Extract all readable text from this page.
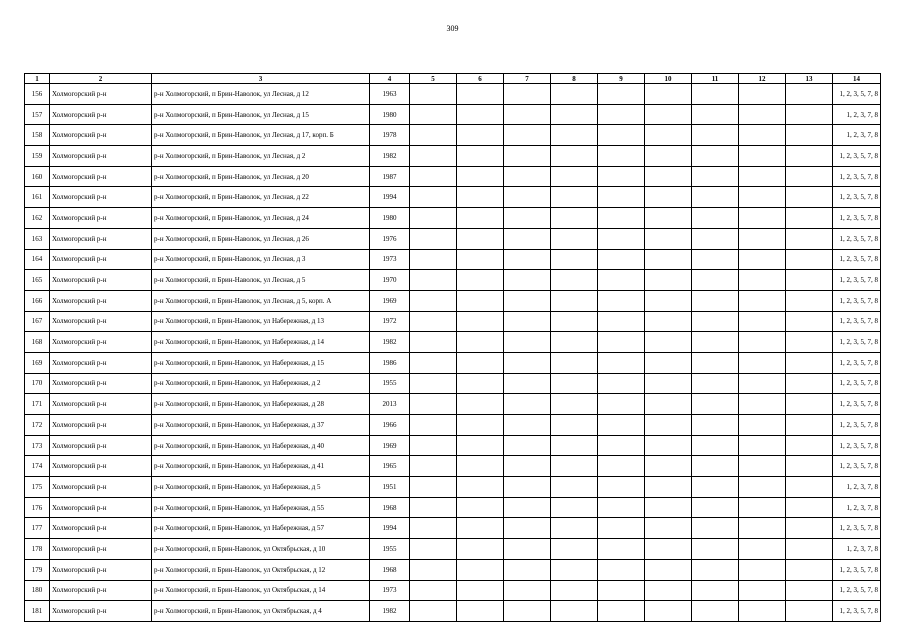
309
1	2	3	4	5	6	7	8	9	10	11	12	13	14
156	Холмогорский р-н	р-н Холмогорский, п Брин-Наволок, ул Лесная, д 12	1963										1, 2, 3, 5, 7, 8
157	Холмогорский р-н	р-н Холмогорский, п Брин-Наволок, ул Лесная, д 15	1980										1, 2, 3, 7, 8
158	Холмогорский р-н	р-н Холмогорский, п Брин-Наволок, ул Лесная, д 17, корп. Б	1978										1, 2, 3, 7, 8
159	Холмогорский р-н	р-н Холмогорский, п Брин-Наволок, ул Лесная, д 2	1982										1, 2, 3, 5, 7, 8
160	Холмогорский р-н	р-н Холмогорский, п Брин-Наволок, ул Лесная, д 20	1987										1, 2, 3, 5, 7, 8
161	Холмогорский р-н	р-н Холмогорский, п Брин-Наволок, ул Лесная, д 22	1994										1, 2, 3, 5, 7, 8
162	Холмогорский р-н	р-н Холмогорский, п Брин-Наволок, ул Лесная, д 24	1980										1, 2, 3, 5, 7, 8
163	Холмогорский р-н	р-н Холмогорский, п Брин-Наволок, ул Лесная, д 26	1976										1, 2, 3, 5, 7, 8
164	Холмогорский р-н	р-н Холмогорский, п Брин-Наволок, ул Лесная, д 3	1973										1, 2, 3, 5, 7, 8
165	Холмогорский р-н	р-н Холмогорский, п Брин-Наволок, ул Лесная, д 5	1970										1, 2, 3, 5, 7, 8
166	Холмогорский р-н	р-н Холмогорский, п Брин-Наволок, ул Лесная, д 5, корп. А	1969										1, 2, 3, 5, 7, 8
167	Холмогорский р-н	р-н Холмогорский, п Брин-Наволок, ул Набережная, д 13	1972										1, 2, 3, 5, 7, 8
168	Холмогорский р-н	р-н Холмогорский, п Брин-Наволок, ул Набережная, д 14	1982										1, 2, 3, 5, 7, 8
169	Холмогорский р-н	р-н Холмогорский, п Брин-Наволок, ул Набережная, д 15	1986										1, 2, 3, 5, 7, 8
170	Холмогорский р-н	р-н Холмогорский, п Брин-Наволок, ул Набережная, д 2	1955										1, 2, 3, 5, 7, 8
171	Холмогорский р-н	р-н Холмогорский, п Брин-Наволок, ул Набережная, д 28	2013										1, 2, 3, 5, 7, 8
172	Холмогорский р-н	р-н Холмогорский, п Брин-Наволок, ул Набережная, д 37	1966										1, 2, 3, 5, 7, 8
173	Холмогорский р-н	р-н Холмогорский, п Брин-Наволок, ул Набережная, д 40	1969										1, 2, 3, 5, 7, 8
174	Холмогорский р-н	р-н Холмогорский, п Брин-Наволок, ул Набережная, д 41	1965										1, 2, 3, 5, 7, 8
175	Холмогорский р-н	р-н Холмогорский, п Брин-Наволок, ул Набережная, д 5	1951										1, 2, 3, 7, 8
176	Холмогорский р-н	р-н Холмогорский, п Брин-Наволок, ул Набережная, д 55	1968										1, 2, 3, 7, 8
177	Холмогорский р-н	р-н Холмогорский, п Брин-Наволок, ул Набережная, д 57	1994										1, 2, 3, 5, 7, 8
178	Холмогорский р-н	р-н Холмогорский, п Брин-Наволок, ул Октябрьская, д 10	1955										1, 2, 3, 7, 8
179	Холмогорский р-н	р-н Холмогорский, п Брин-Наволок, ул Октябрьская, д 12	1968										1, 2, 3, 5, 7, 8
180	Холмогорский р-н	р-н Холмогорский, п Брин-Наволок, ул Октябрьская, д 14	1973										1, 2, 3, 5, 7, 8
181	Холмогорский р-н	р-н Холмогорский, п Брин-Наволок, ул Октябрьская, д 4	1982										1, 2, 3, 5, 7, 8
